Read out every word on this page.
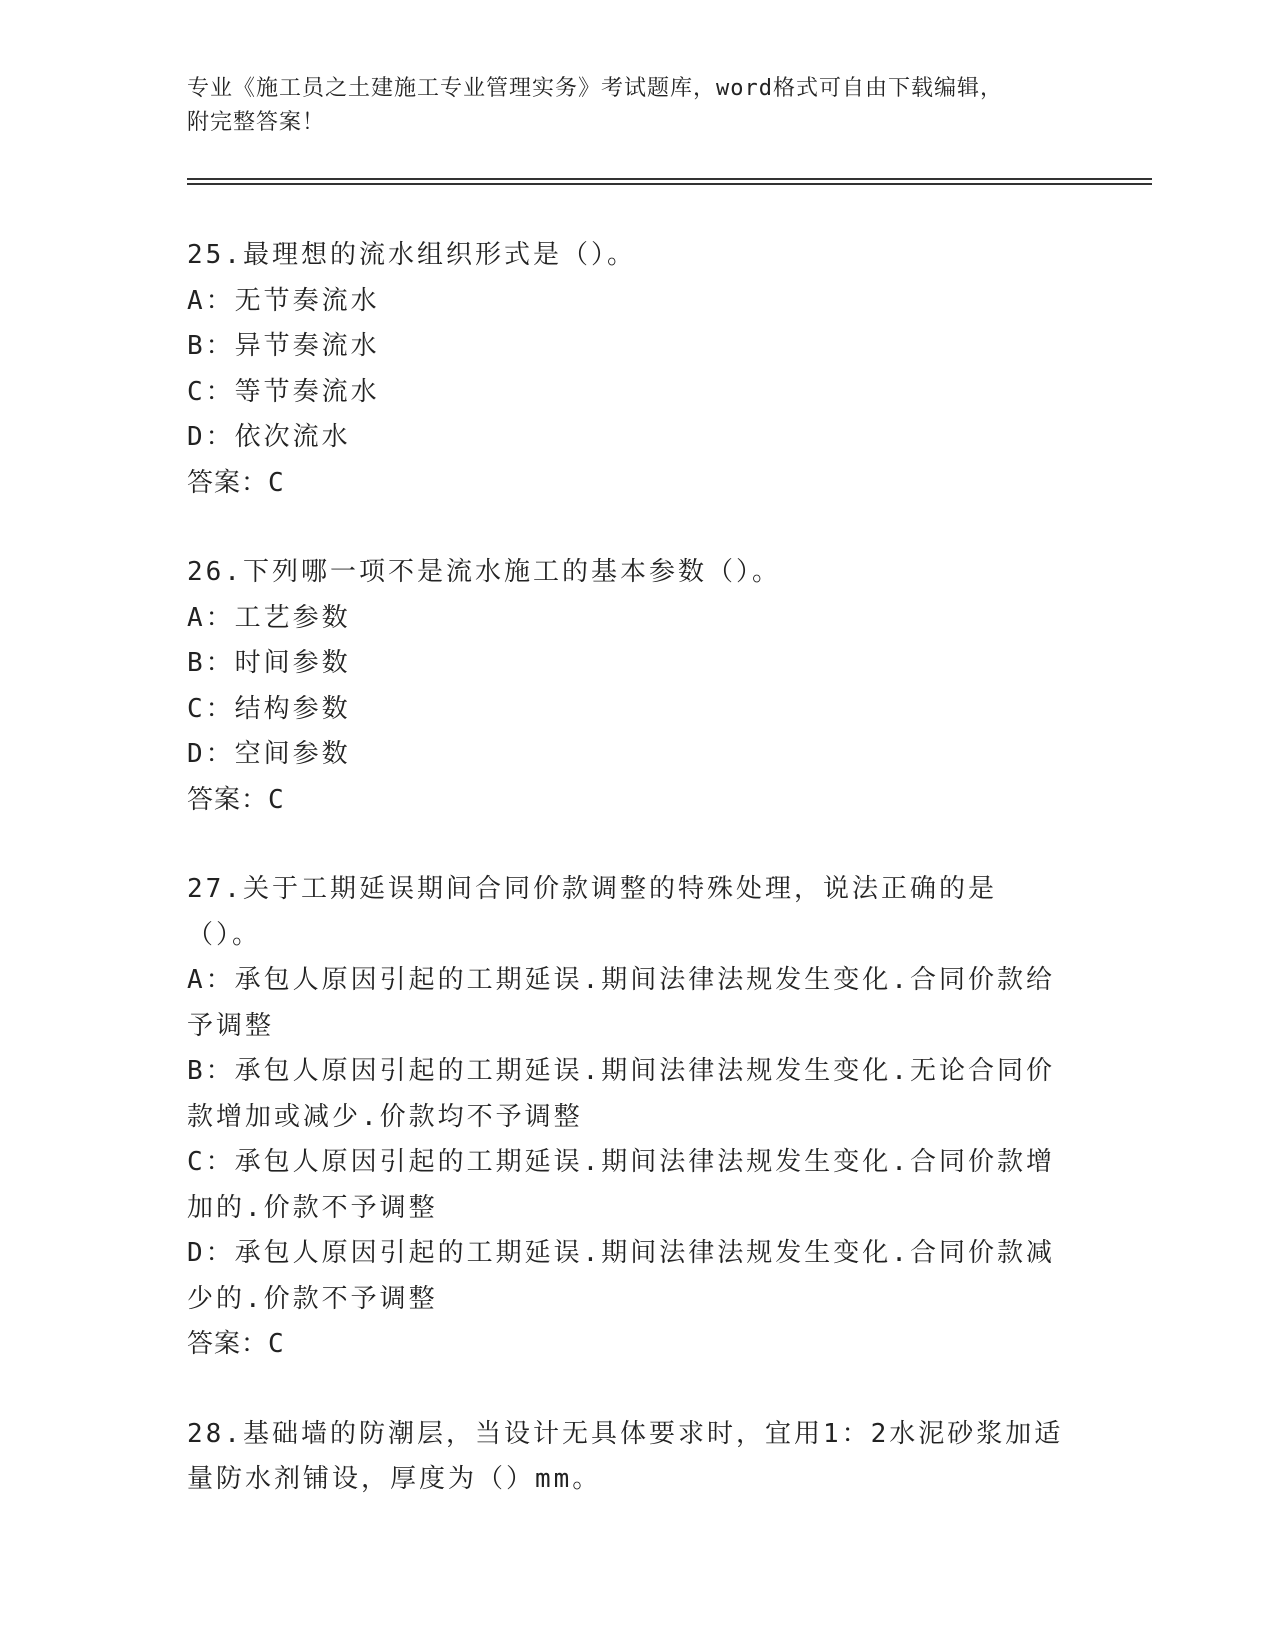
专业《施工员之土建施工专业管理实务》考试题库，word格式可自由下载编辑，
附完整答案！

25.最理想的流水组织形式是（）。

A：无节奏流水

B：异节奏流水

C：等节奏流水

D：依次流水

答案：C

26.下列哪一项不是流水施工的基本参数（）。

A：工艺参数

B：时间参数

C：结构参数

D：空间参数

答案：C

27.关于工期延误期间合同价款调整的特殊处理，说法正确的是（）。

A：承包人原因引起的工期延误.期间法律法规发生变化.合同价款给予调整

B：承包人原因引起的工期延误.期间法律法规发生变化.无论合同价款增加或减少.价款均不予调整

C：承包人原因引起的工期延误.期间法律法规发生变化.合同价款增加的.价款不予调整

D：承包人原因引起的工期延误.期间法律法规发生变化.合同价款减少的.价款不予调整

答案：C

28.基础墙的防潮层，当设计无具体要求时，宜用1：2水泥砂浆加适量防水剂铺设，厚度为（）mm。
